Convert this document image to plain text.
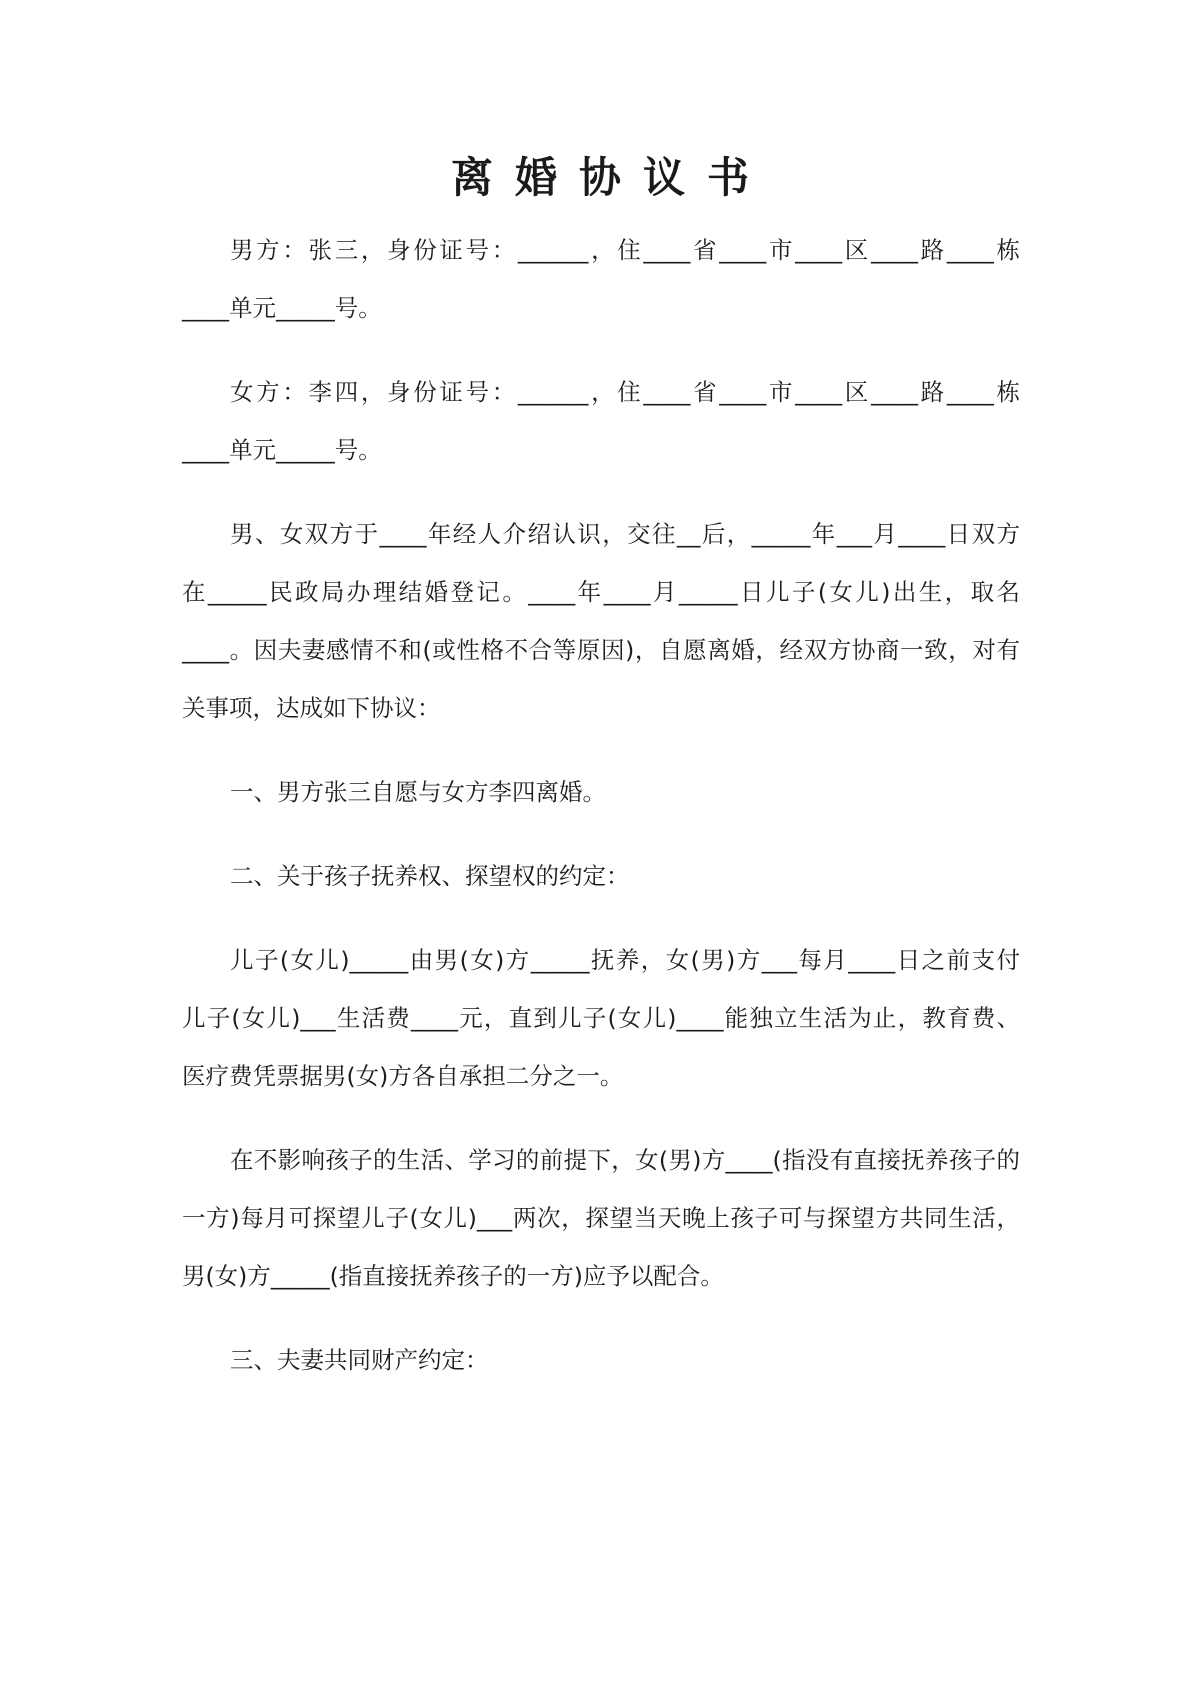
离婚协议书
男方：张三，身份证号：______，住____省____市____区____路____栋
____单元_____号。
女方：李四，身份证号：______，住____省____市____区____路____栋
____单元_____号。
男、女双方于____年经人介绍认识，交往__后，_____年___月____日双方
在_____民政局办理结婚登记。____年____月_____日儿子(女儿)出生，取名
____。因夫妻感情不和(或性格不合等原因)，自愿离婚，经双方协商一致，对有
关事项，达成如下协议：
一、男方张三自愿与女方李四离婚。
二、关于孩子抚养权、探望权的约定：
儿子(女儿)_____由男(女)方_____抚养，女(男)方___每月____日之前支付
儿子(女儿)___生活费____元，直到儿子(女儿)____能独立生活为止，教育费、
医疗费凭票据男(女)方各自承担二分之一。
在不影响孩子的生活、学习的前提下，女(男)方____(指没有直接抚养孩子的
一方)每月可探望儿子(女儿)___两次，探望当天晚上孩子可与探望方共同生活，
男(女)方_____(指直接抚养孩子的一方)应予以配合。
三、夫妻共同财产约定：
